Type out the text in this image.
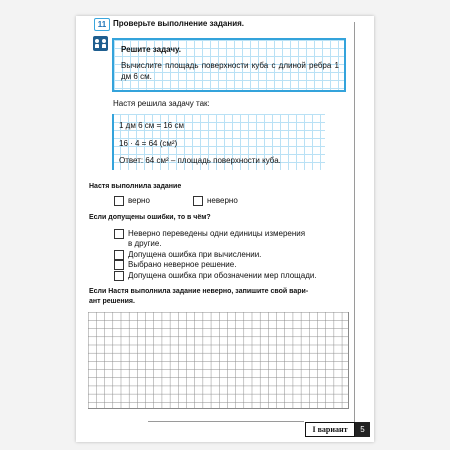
11 Проверьте выполнение задания.
Решите задачу.
Вычислите площадь поверхности куба с длиной ребра 1 дм 6 см.
Настя решила задачу так:
1 дм 6 см = 16 см
16 · 4 = 64 (см²)
Ответ: 64 см² – площадь поверхности куба.
Настя выполнила задание
верно	неверно
Если допущены ошибки, то в чём?
Неверно переведены одни единицы измерения
в другие.
Допущена ошибка при вычислении.
Выбрано неверное решение.
Допущена ошибка при обозначении мер площади.
Если Настя выполнила задание неверно, запишите свой вари-
ант решения.
I вариант	5
